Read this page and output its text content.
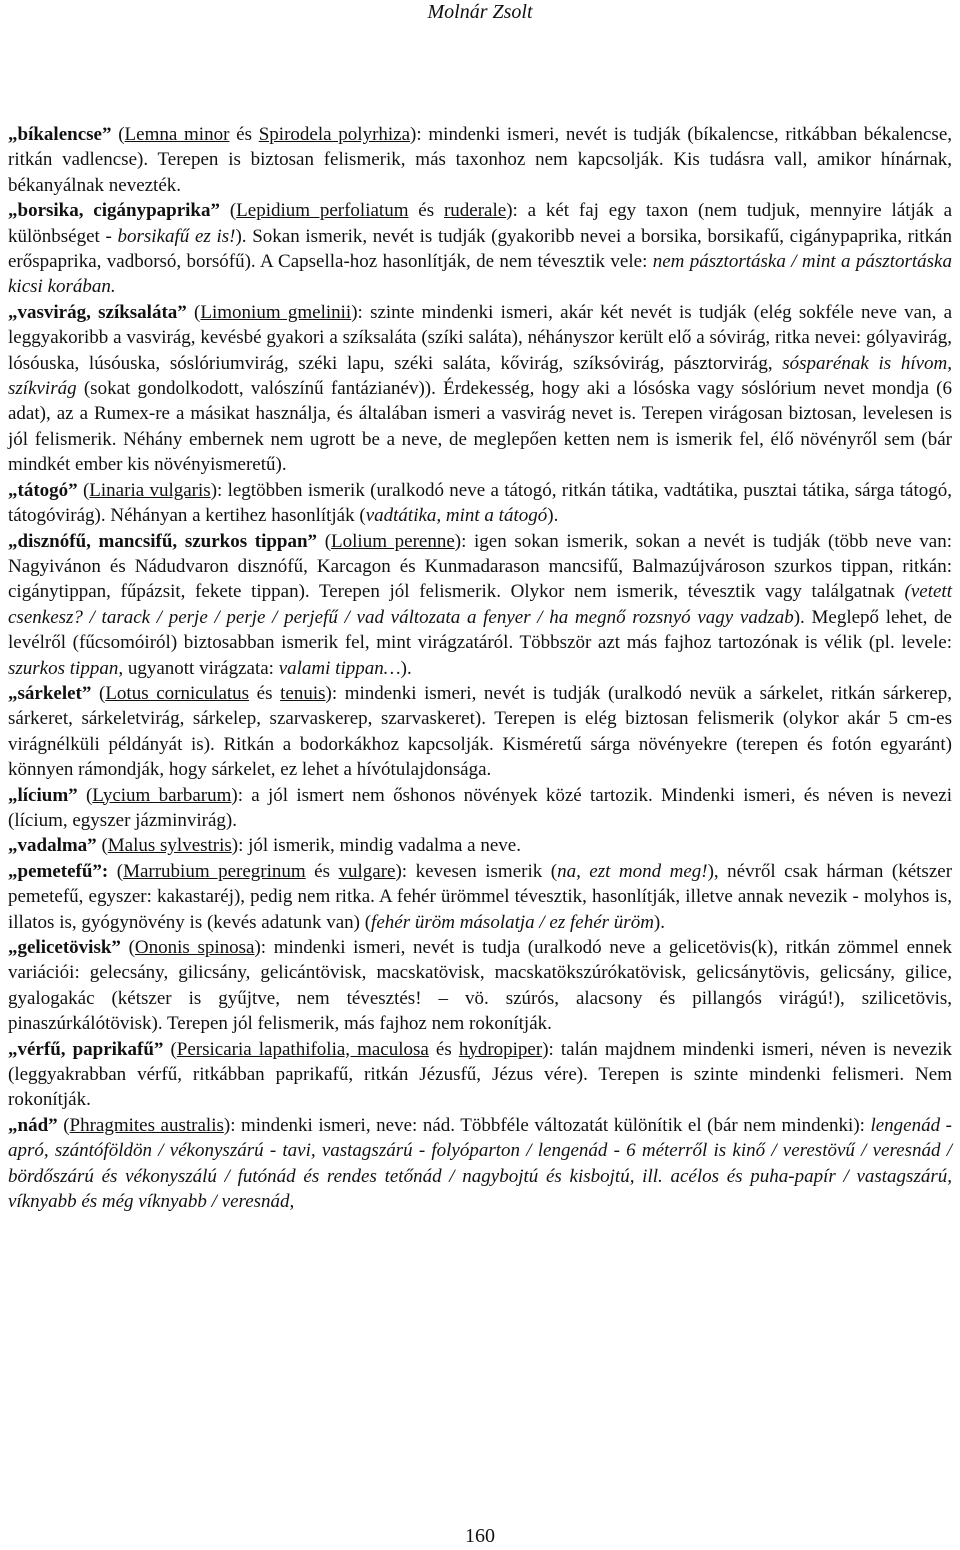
Molnár Zsolt

„bíkalencse” (Lemna minor és Spirodela polyrhiza): mindenki ismeri, nevét is tudják (bíkalencse, ritkábban békalencse, ritkán vadlencse). Terepen is biztosan felismerik, más taxonhoz nem kapcsolják. Kis tudásra vall, amikor hínárnak, békanyálnak nevezték.

„borsika, cigánypaprika” (Lepidium perfoliatum és ruderale): a két faj egy taxon (nem tudjuk, mennyire látják a különbséget - borsikafű ez is!). Sokan ismerik, nevét is tudják (gyakoribb nevei a borsika, borsikafű, cigánypaprika, ritkán erőspaprika, vadborsó, borsófű). A Capsella-hoz hasonlítják, de nem tévesztik vele: nem pásztortáska / mint a pásztortáska kicsi korában.

„vasvirág, szíksaláta” (Limonium gmelinii): szinte mindenki ismeri, akár két nevét is tudják (elég sokféle neve van, a leggyakoribb a vasvirág, kevésbé gyakori a szíksaláta (szíki saláta), néhányszor került elő a sóvirág, ritka nevei: gólyavirág, lósóuska, lúsóuska, sóslóriumvirág, széki lapu, széki saláta, kővirág, szíksóvirág, pásztorvirág, sósparénak is hívom, szíkvirág (sokat gondolkodott, valószínű fantázianév)). Érdekesség, hogy aki a lósóska vagy sóslórium nevet mondja (6 adat), az a Rumex-re a másikat használja, és általában ismeri a vasvirág nevet is. Terepen virágosan biztosan, levelesen is jól felismerik. Néhány embernek nem ugrott be a neve, de meglepően ketten nem is ismerik fel, élő növényről sem (bár mindkét ember kis növényismeretű).

„tátogó” (Linaria vulgaris): legtöbben ismerik (uralkodó neve a tátogó, ritkán tátika, vadtátika, pusztai tátika, sárga tátogó, tátogóvirág). Néhányan a kertihez hasonlítják (vadtátika, mint a tátogó).

„disznófű, mancsifű, szurkos tippan” (Lolium perenne): igen sokan ismerik, sokan a nevét is tudják (több neve van: Nagyivánon és Nádudvaron disznófű, Karcagon és Kunmadarason mancsifű, Balmazújvároson szurkos tippan, ritkán: cigánytippan, fűpázsit, fekete tippan). Terepen jól felismerik. Olykor nem ismerik, tévesztik vagy találgatnak (vetett csenkesz? / tarack / perje / perje / perjefű / vad változata a fenyer / ha megnő rozsnyó vagy vadzab). Meglepő lehet, de levélről (fűcsomóiról) biztosabban ismerik fel, mint virágzatáról. Többször azt más fajhoz tartozónak is vélik (pl. levele: szurkos tippan, ugyanott virágzata: valami tippan…).

„sárkelet” (Lotus corniculatus és tenuis): mindenki ismeri, nevét is tudják (uralkodó nevük a sárkelet, ritkán sárkerep, sárkeret, sárkeletvirág, sárkelep, szarvaskerep, szarvaskeret). Terepen is elég biztosan felismerik (olykor akár 5 cm-es virágnélküli példányát is). Ritkán a bodorkákhoz kapcsolják. Kisméretű sárga növényekre (terepen és fotón egyaránt) könnyen rámondják, hogy sárkelet, ez lehet a hívótulajdonsága.

„lícium” (Lycium barbarum): a jól ismert nem őshonos növények közé tartozik. Mindenki ismeri, és néven is nevezi (lícium, egyszer jázminvirág).

„vadalma” (Malus sylvestris): jól ismerik, mindig vadalma a neve.

„pemetefű”: (Marrubium peregrinum és vulgare): kevesen ismerik (na, ezt mond meg!), névről csak hárman (kétszer pemetefű, egyszer: kakastaréj), pedig nem ritka. A fehér ürömmel tévesztik, hasonlítják, illetve annak nevezik - molyhos is, illatos is, gyógynövény is (kevés adatunk van) (fehér üröm másolatja / ez fehér üröm).

„gelicetövisk” (Ononis spinosa): mindenki ismeri, nevét is tudja (uralkodó neve a gelicetövis(k), ritkán zömmel ennek variációi: gelecsány, gilicsány, gelicántövisk, macskatövisk, macskatökszúrókatövisk, gelicsánytövis, gelicsány, gilice, gyalogakác (kétszer is gyűjtve, nem tévesztés! – vö. szúrós, alacsony és pillangós virágú!), szilicetövis, pinaszúrkálótövisk). Terepen jól felismerik, más fajhoz nem rokonítják.

„vérfű, paprikafű” (Persicaria lapathifolia, maculosa és hydropiper): talán majdnem mindenki ismeri, néven is nevezik (leggyakrabban vérfű, ritkábban paprikafű, ritkán Jézusfű, Jézus vére). Terepen is szinte mindenki felismeri. Nem rokonítják.

„nád” (Phragmites australis): mindenki ismeri, neve: nád. Többféle változatát különítik el (bár nem mindenki): lengenád - apró, szántóföldön / vékonyszárú - tavi, vastagszárú - folyóparton / lengenád - 6 méterről is kinő / verestövű / veresnád / bördőszárú és vékonyszálú / futónád és rendes tetőnád / nagybojtú és kisbojtú, ill. acélos és puha-papír / vastagszárú, víknyabb és még víknyabb / veresnád,

160
